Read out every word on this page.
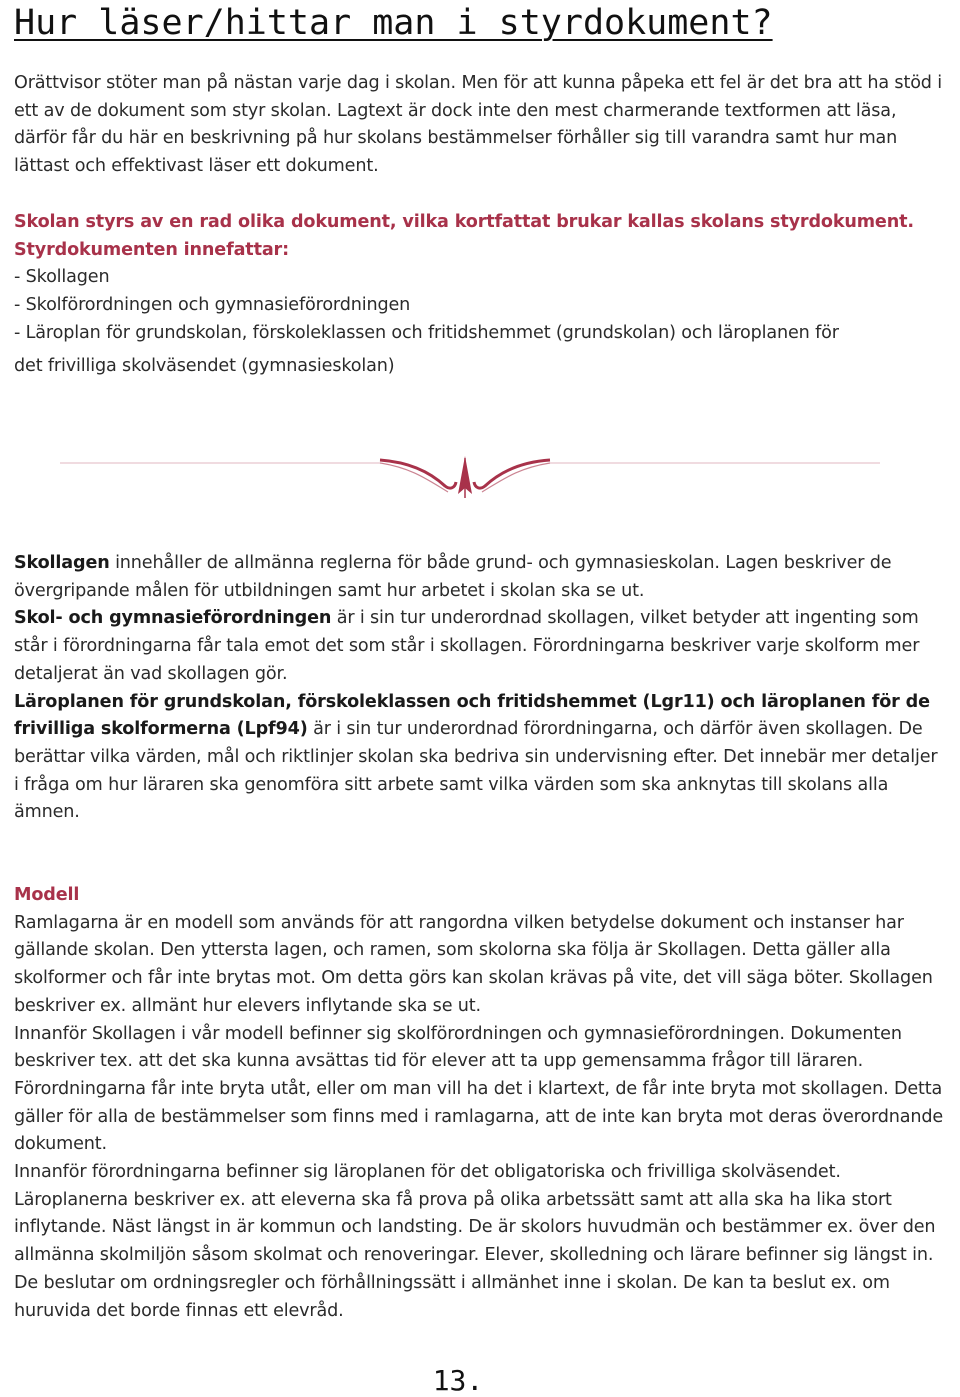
Hur läser/hittar man i styrdokument?

Orättvisor stöter man på nästan varje dag i skolan. Men för att kunna påpeka ett fel är det bra att ha stöd i ett av de dokument som styr skolan. Lagtext är dock inte den mest charmerande textformen att läsa, därför får du här en beskrivning på hur skolans bestämmelser förhåller sig till varandra samt hur man lättast och effektivast läser ett dokument.

Skolan styrs av en rad olika dokument, vilka kortfattat brukar kallas skolans styrdokument.

Styrdokumenten innefattar:

- Skollagen
- Skolförordningen och gymnasieförordningen
- Läroplan för grundskolan, förskoleklassen och fritidshemmet (grundskolan) och läroplanen för
det frivilliga skolväsendet (gymnasieskolan)

Skollagen innehåller de allmänna reglerna för både grund- och gymnasieskolan. Lagen beskriver de övergripande målen för utbildningen samt hur arbetet i skolan ska se ut.

Skol- och gymnasieförordningen är i sin tur underordnad skollagen, vilket betyder att ingenting som står i förordningarna får tala emot det som står i skollagen. Förordningarna beskriver varje skolform mer detaljerat än vad skollagen gör.

Läroplanen för grundskolan, förskoleklassen och fritidshemmet (Lgr11) och läroplanen för de frivilliga skolformerna (Lpf94) är i sin tur underordnad förordningarna, och därför även skollagen. De berättar vilka värden, mål och riktlinjer skolan ska bedriva sin undervisning efter. Det innebär mer detaljer i fråga om hur läraren ska genomföra sitt arbete samt vilka värden som ska anknytas till skolans alla ämnen.

Modell

Ramlagarna är en modell som används för att rangordna vilken betydelse dokument och instanser har gällande skolan. Den yttersta lagen, och ramen, som skolorna ska följa är Skollagen. Detta gäller alla skolformer och får inte brytas mot. Om detta görs kan skolan krävas på vite, det vill säga böter. Skollagen beskriver ex. allmänt hur elevers inflytande ska se ut.

Innanför Skollagen i vår modell befinner sig skolförordningen och gymnasieförordningen. Dokumenten beskriver tex. att det ska kunna avsättas tid för elever att ta upp gemensamma frågor till läraren. Förordningarna får inte bryta utåt, eller om man vill ha det i klartext, de får inte bryta mot skollagen. Detta gäller för alla de bestämmelser som finns med i ramlagarna, att de inte kan bryta mot deras överordnande dokument.

Innanför förordningarna befinner sig läroplanen för det obligatoriska och frivilliga skolväsendet. Läroplanerna beskriver ex. att eleverna ska få prova på olika arbetssätt samt att alla ska ha lika stort inflytande. Näst längst in är kommun och landsting. De är skolors huvudmän och bestämmer ex. över den allmänna skolmiljön såsom skolmat och renoveringar. Elever, skolledning och lärare befinner sig längst in. De beslutar om ordningsregler och förhållningssätt i allmänhet inne i skolan. De kan ta beslut ex. om huruvida det borde finnas ett elevråd.

13.
